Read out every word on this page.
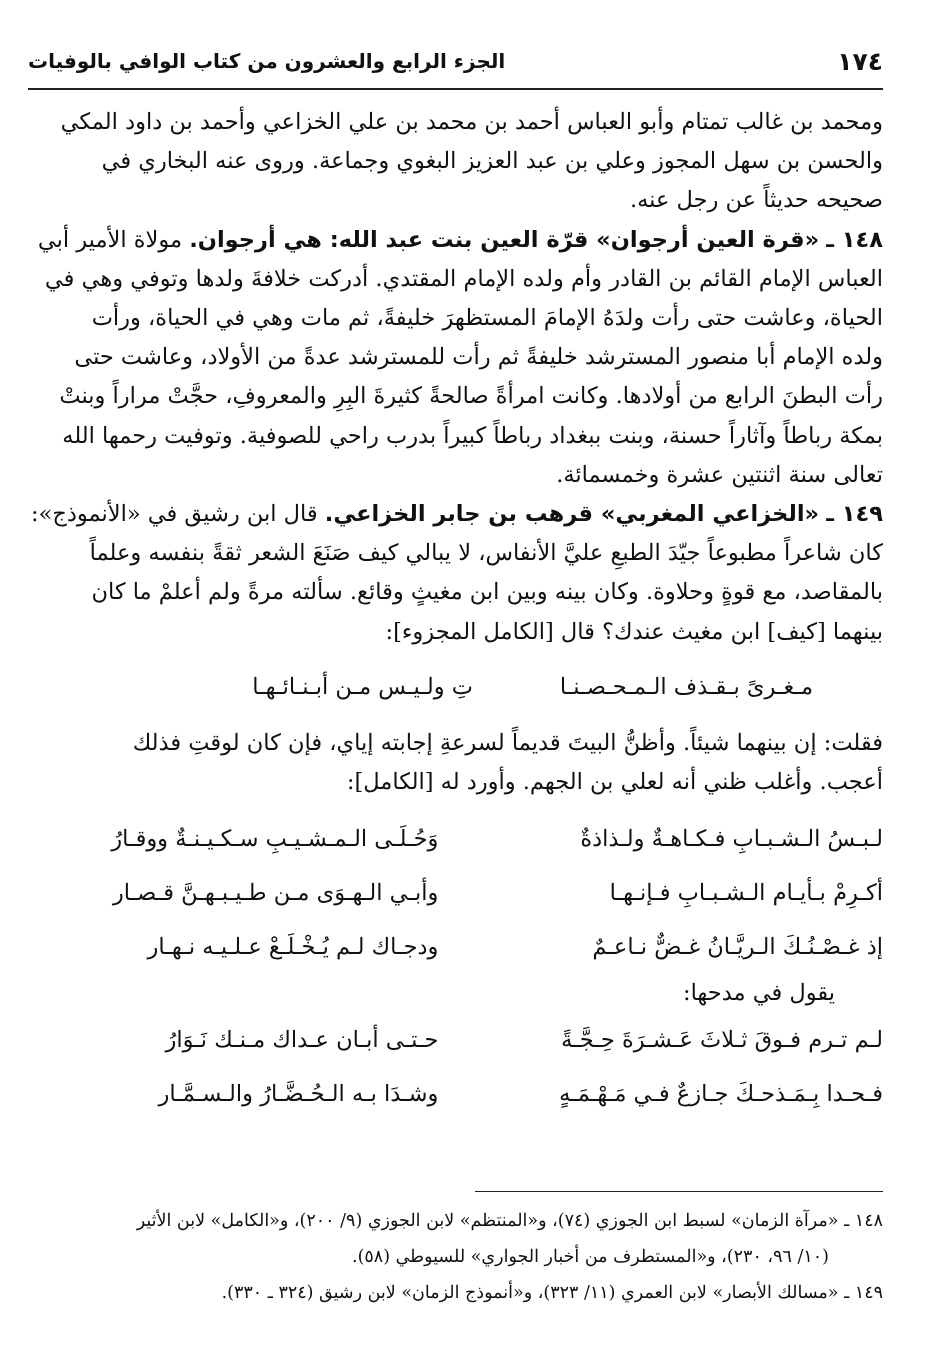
١٧٤
الجزء الرابع والعشرون من كتاب الوافي بالوفيات

ومحمد بن غالب تمتام وأبو العباس أحمد بن محمد بن علي الخزاعي وأحمد بن داود المكي

والحسن بن سهل المجوز وعلي بن عبد العزيز البغوي وجماعة. وروى عنه البخاري في

صحيحه حديثاً عن رجل عنه.

١٤٨ ـ «قرة العين أرجوان» قرّة العين بنت عبد الله: هي أرجوان. مولاة الأمير أبي

العباس الإمام القائم بن القادر وأم ولده الإمام المقتدي. أدركت خلافةَ ولدها وتوفي وهي في

الحياة، وعاشت حتى رأت ولدَهُ الإمامَ المستظهرَ خليفةً، ثم مات وهي في الحياة، ورأت

ولده الإمام أبا منصور المسترشد خليفةً ثم رأت للمسترشد عدةً من الأولاد، وعاشت حتى

رأت البطنَ الرابع من أولادها. وكانت امرأةً صالحةً كثيرةَ البِرِ والمعروفِ، حجَّتْ مراراً وبنتْ

بمكة رباطاً وآثاراً حسنة، وبنت ببغداد رباطاً كبيراً بدرب راحي للصوفية. وتوفيت رحمها الله

تعالى سنة اثنتين عشرة وخمسمائة.

١٤٩ ـ «الخزاعي المغربي» قرهب بن جابر الخزاعي. قال ابن رشيق في «الأنموذج»:

كان شاعراً مطبوعاً جيّدَ الطبعِ عليَّ الأنفاس، لا يبالي كيف صَنَعَ الشعر ثقةً بنفسه وعلماً

بالمقاصد، مع قوةٍ وحلاوة. وكان بينه وبين ابن مغيثٍ وقائع. سألته مرةً ولم أعلمْ ما كان

بينهما [كيف] ابن مغيث عندك؟ قال [الكامل المجزوء]:

مـغـرىً بـقـذف الـمـحـصـنـا
تِ ولـيـس مـن أبـنـائـهـا

فقلت: إن بينهما شيئاً. وأظنُّ البيتَ قديماً لسرعةِ إجابته إياي، فإن كان لوقتِ فذلك

أعجب. وأغلب ظني أنه لعلي بن الجهم. وأورد له [الكامل]:

لـبـسُ الـشـبـابِ فـكـاهـةٌ ولـذاذةٌ
وَحُـلَـى الـمـشـيـبِ سـكـيـنـةٌ ووقـارُ
أكـرِمْ بـأيـام الـشـبـابِ فـإنـهـا
وأبـي الـهـوَى مـن طـيـبـهـنَّ قـصـار
إذ غـصْـنُـكَ الـريَّـانُ غـضٌّ نـاعـمٌ
ودجـاك لـم يُـخْـلَـعْ عـلـيـه نـهـار

يقول في مدحها:

لـم تـرم فـوقَ ثـلاثَ عَـشـرَةَ حِـجَّـةً
حـتـى أبـان عـداك مـنـك نَـوَارُ
فـحـدا بِـمَـذحـكَ جـازعٌ فـي مَـهْـمَـهٍ
وشـدَا بـه الـحُـضَّـارُ والـسـمَّـار

١٤٨ ـ «مرآة الزمان» لسبط ابن الجوزي (٧٤)، و«المنتظم» لابن الجوزي (٩/ ٢٠٠)، و«الكامل» لابن الأثير

(١٠/ ٩٦، ٢٣٠)، و«المستطرف من أخبار الجواري» للسيوطي (٥٨).

١٤٩ ـ «مسالك الأبصار» لابن العمري (١١/ ٣٢٣)، و«أنموذج الزمان» لابن رشيق (٣٢٤ ـ ٣٣٠).
